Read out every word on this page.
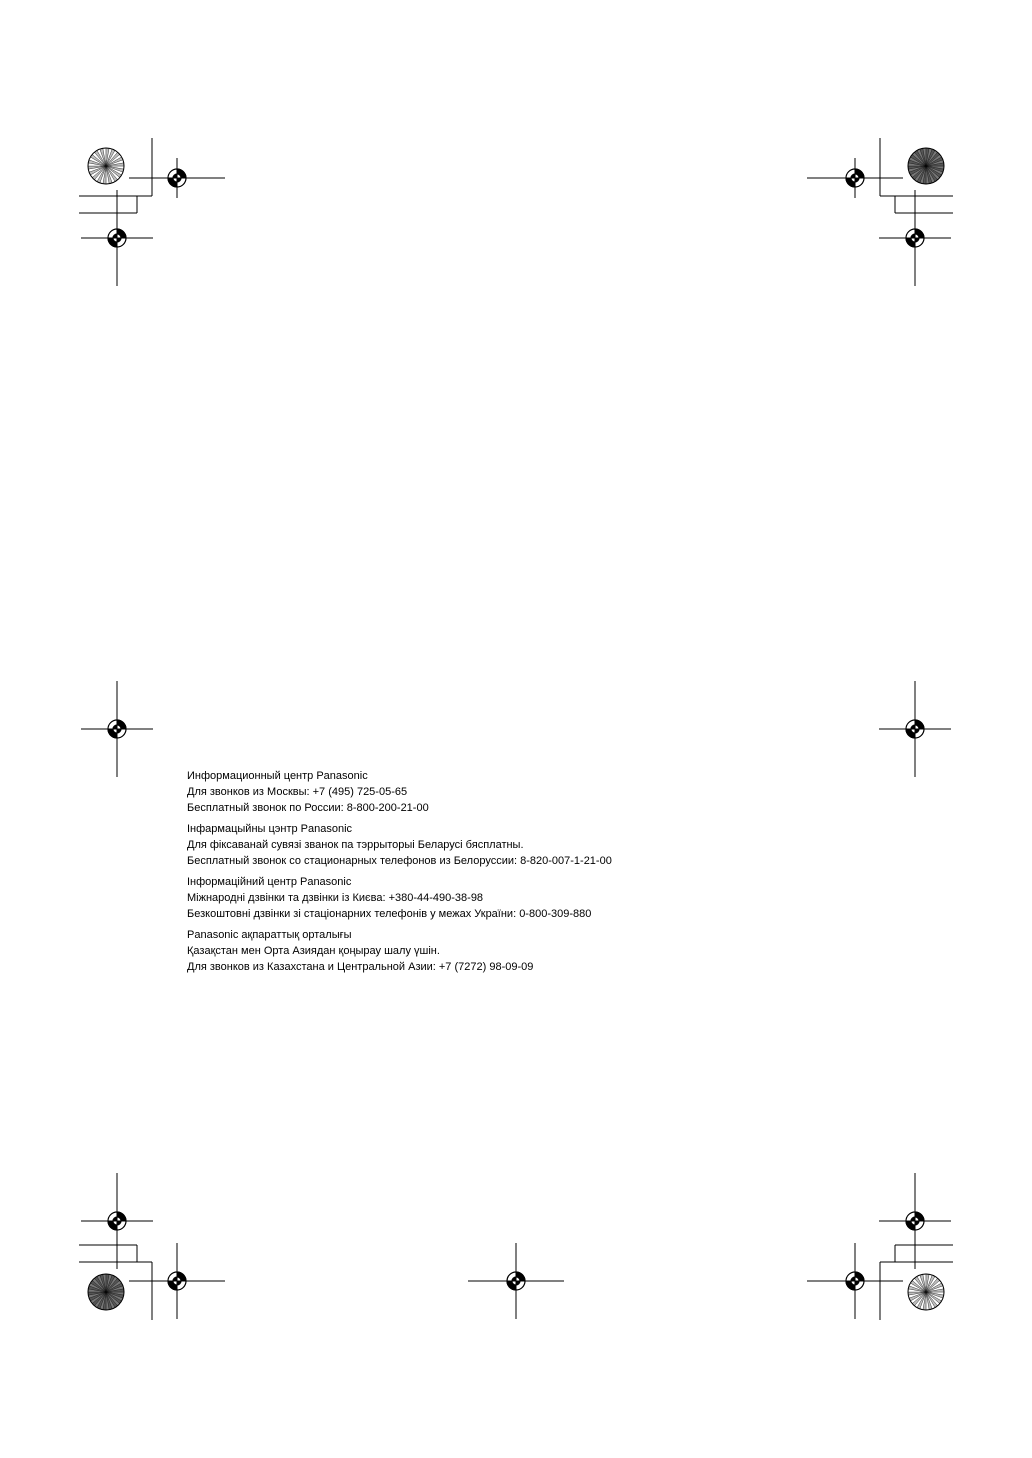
Информационный центр Panasonic
Для звонков из Москвы: +7 (495) 725-05-65
Бесплатный звонок по России: 8-800-200-21-00
Інфармацыйны цэнтр Panasonic
Для фіксаванай сувязі званок па тэррыторыі Беларусі бясплатны.
Бесплатный звонок со стационарных телефонов из Белоруссии: 8-820-007-1-21-00
Інформаційний центр Panasonic
Міжнародні дзвінки та дзвінки із Києва: +380-44-490-38-98
Безкоштовні дзвінки зі стаціонарних телефонів у межах України: 0-800-309-880
Panasonic ақпараттық орталығы
Қазақстан мен Орта Азиядан қоңырау шалу үшін.
Для звонков из Казахстана и Центральной Азии: +7 (7272) 98-09-09
